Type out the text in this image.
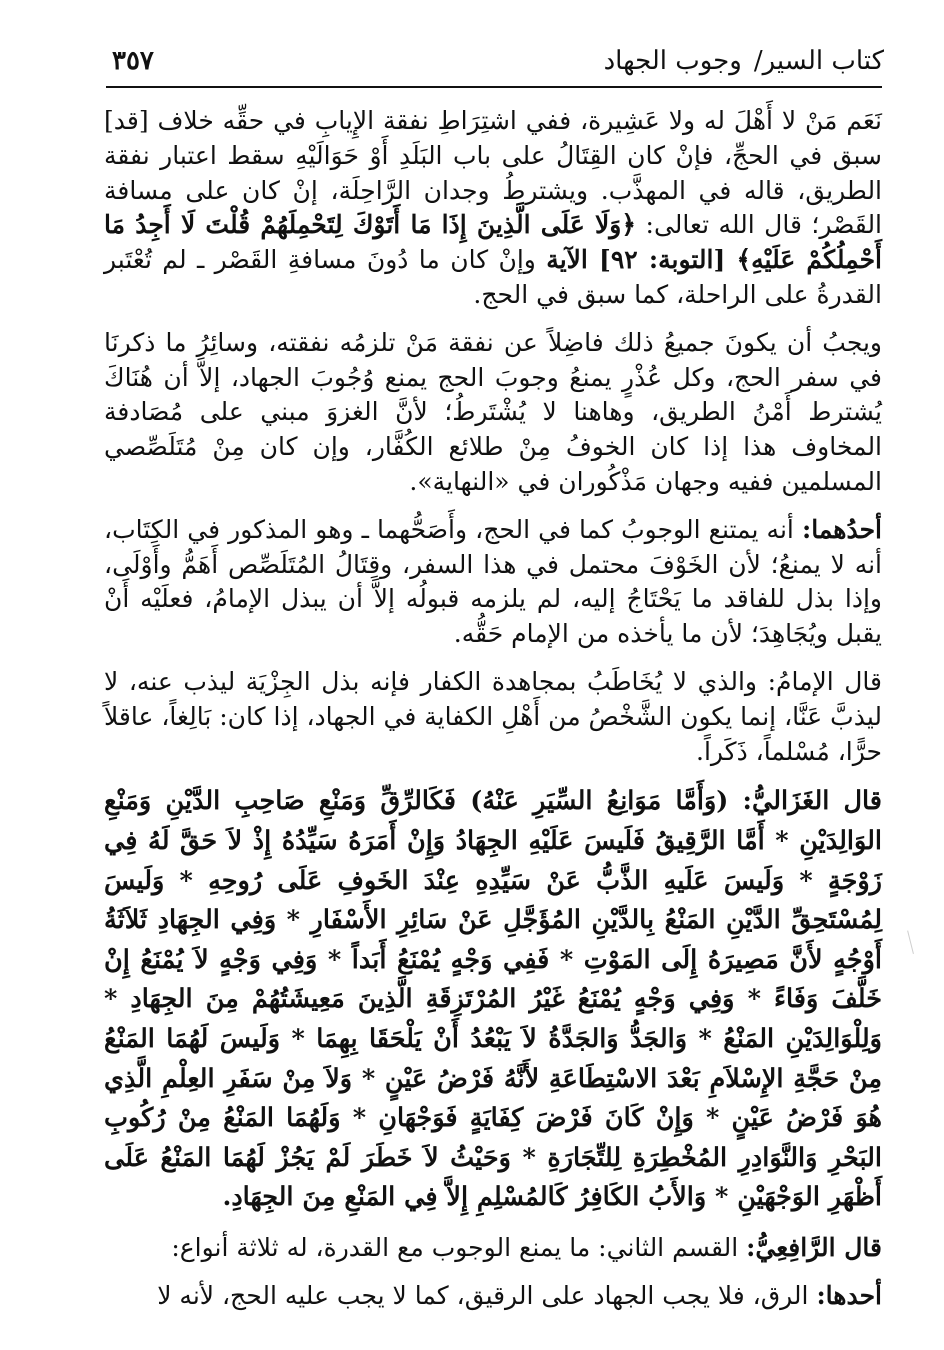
كتاب السير/وجوب الجهاد
٣٥٧

نَعَم مَنْ لا أَهْلَ له ولا عَشِيرة، ففي اشتِرَاطِ نفقة الإِيابِ في حقِّه خلاف [قد] سبق في الحجِّ، فإنْ كان القِتَالُ على باب البَلَدِ أَوْ حَوَالَيْهِ سقط اعتبار نفقة الطريق، قاله في المهذَّب. ويشترطُ وجدان الرَّاحِلَة، إنْ كان على مسافة القَصْر؛ قال الله تعالى: ﴿وَلَا عَلَى الَّذِينَ إِذَا مَا أَتَوْكَ لِتَحْمِلَهُمْ قُلْتَ لَا أَجِدُ مَا أَحْمِلُكُمْ عَلَيْهِ﴾ [التوبة: ٩٢] الآية وإنْ كان ما دُونَ مسافةِ القَصْر ـ لم تُعْتَبر القدرةُ على الراحلة، كما سبق في الحج.

ويجبُ أن يكونَ جميعُ ذلك فاضِلاً عن نفقة مَنْ تلزمُه نفقته، وسائِرُ ما ذكرنَا في سفر الحج، وكل عُذْرٍ يمنعُ وجوبَ الحج يمنع وُجُوبَ الجهاد، إلاَّ أن هُنَاكَ يُشترط أَمْنُ الطريق، وهاهنا لا يُشْتَرطُ؛ لأنَّ الغزوَ مبني على مُصَادفة المخاوف هذا إذا كان الخوفُ مِنْ طلائع الكُفَّار، وإن كان مِنْ مُتَلَصِّصي المسلمين ففيه وجهان مَذْكُوران في «النهاية».

أحدُهما: أنه يمتنع الوجوبُ كما في الحج، وأَصَحُّهما ـ وهو المذكور في الكِتَاب، أنه لا يمنعُ؛ لأن الخَوْفَ محتمل في هذا السفر، وقِتَالُ المُتَلَصِّص أَهَمُّ وأَوْلَى، وإذا بذل للفاقد ما يَحْتَاجُ إليه، لم يلزمه قبولُه إلاَّ أن يبذل الإمامُ، فعلَيْه أَنْ يقبل ويُجَاهِدَ؛ لأن ما يأخذه من الإمام حَقُّه.

قال الإمامُ: والذي لا يُخَاطَبُ بمجاهدة الكفار فإنه بذل الجِزْيَة ليذب عنه، لا ليذبَّ عَنَّا، إنما يكون الشَّخْصُ من أَهْلِ الكفاية في الجهاد، إذا كان: بَالِغاً، عاقلاً حرًّا، مُسْلماً، ذَكَراً.

قال الغَزَاليُّ: (وَأَمَّا مَوَانِعُ السِّيَرِ عَنْهُ) فَكَالرِّقِّ وَمَنْعِ صَاحِبِ الدَّيْنِ وَمَنْعِ الوَالِدَيْنِ * أَمَّا الرَّقِيقُ فَلَيسَ عَلَيْهِ الجِهَادُ وَإِنْ أَمَرَهُ سَيِّدُهُ إِذْ لاَ حَقَّ لَهُ فِي زَوْجَةٍ * وَلَيسَ عَلَيهِ الذَّبُّ عَنْ سَيِّدِهِ عِنْدَ الخَوفِ عَلَى رُوحِهِ * وَلَيسَ لِمُسْتَحِقِّ الدَّيْنِ المَنْعُ بِالدَّيْنِ المُؤَجَّلِ عَنْ سَائِرِ الأَسْفَارِ * وَفِي الجِهَادِ ثَلاَثَةُ أَوْجُهٍ لأَنَّ مَصِيرَهُ إِلَى المَوْتِ * فَفِي وَجْهٍ يُمْنَعُ أَبَداً * وَفِي وَجْهٍ لاَ يُمْنَعُ إِنْ خَلَّفَ وَفَاءً * وَفِي وَجْهٍ يُمْنَعُ غَيْرُ المُرْتَزِقَةِ الَّذِينَ مَعِيشَتُهُمْ مِنَ الجِهَادِ * وَلِلْوَالِدَيْنِ المَنْعُ * وَالجَدُّ وَالجَدَّةُ لاَ يَبْعُدُ أَنْ يَلْحَقَا بِهِمَا * وَلَيسَ لَهُمَا المَنْعُ مِنْ حَجَّةِ الإِسْلاَمِ بَعْدَ الاسْتِطَاعَةِ لأَنَّهُ فَرْضُ عَيْنٍ * وَلاَ مِنْ سَفَرِ العِلْمِ الَّذِي هُوَ فَرْضُ عَيْنٍ * وَإِنْ كَانَ فَرْضَ كِفَايَةٍ فَوَجْهَانِ * وَلَهُمَا المَنْعُ مِنْ رُكُوبِ البَحْرِ وَالنَّوَادِرِ المُخْطِرَةِ لِلتِّجَارَةِ * وَحَيْثُ لاَ خَطَرَ لَمْ يَجُزْ لَهُمَا المَنْعُ عَلَى أَظْهَرِ الوَجْهَيْنِ * وَالأَبُ الكَافِرُ كَالمُسْلِمِ إِلاَّ فِي المَنْعِ مِنَ الجِهَادِ.

قال الرَّافِعِيُّ: القسم الثاني: ما يمنع الوجوب مع القدرة، له ثلاثة أنواع:

أحدها: الرق، فلا يجب الجهاد على الرقيق، كما لا يجب عليه الحج، لأنه لا
